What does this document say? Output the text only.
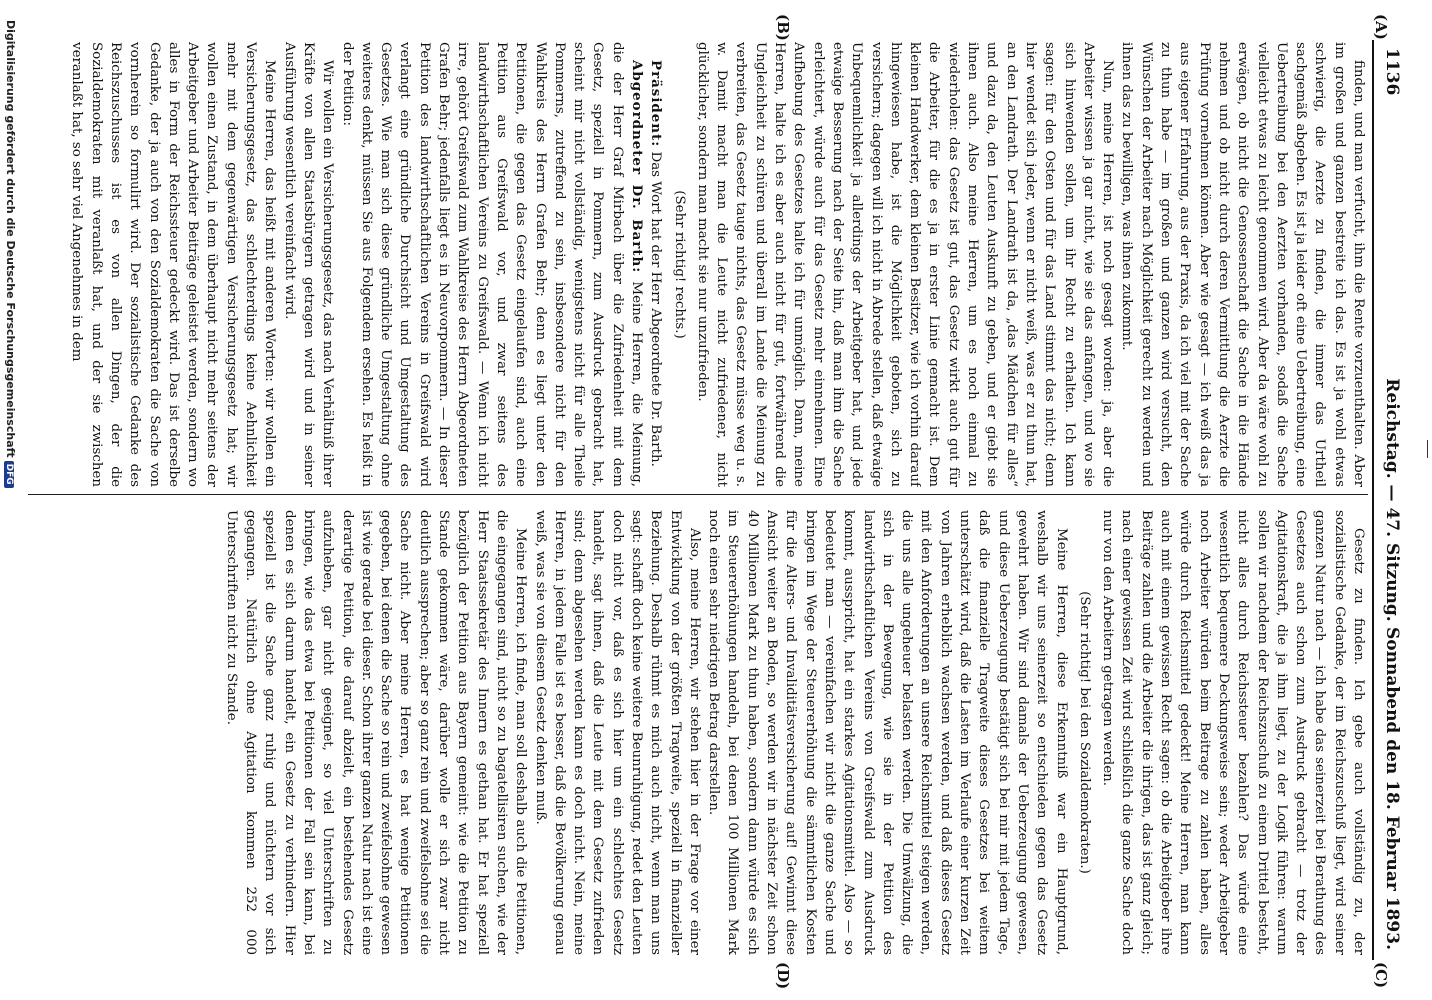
1136
Reichstag. — 47. Sitzung.
Sonnabend den 18. Februar 1893.
(A)
(B)
(C)
(D)

finden, und man verfucht, ihm die Rente vorzuenthalten. Aber im großen und ganzen bestreite ich das. Es ist ja wohl etwas schwierig, die Aerzte zu finden, die immer das Urtheil sachgemäß abgeben. Es ist ja leider oft eine Uebertreibung, eine Uebertreibung bei den Aerzten vorhanden, sodaß die Sache vielleicht etwas zu leicht genommen wird. Aber da wäre wohl zu erwägen, ob nicht die Genossenschaft die Sache in die Hände nehmen und ob nicht durch deren Vermittlung die Aerzte die Prüfung vornehmen können. Aber wie gesagt — ich weiß das ja aus eigener Erfahrung, aus der Praxis, da ich viel mit der Sache zu thun habe — im großen und ganzen wird versucht, den Wünschen der Arbeiter nach Möglichkeit gerecht zu werden und ihnen das zu bewilligen, was ihnen zukommt.

Nun, meine Herren, ist noch gesagt worden: ja, aber die Arbeiter wissen ja gar nicht, wie sie das anfangen, und wo sie sich hinwenden sollen, um ihr Recht zu erhalten. Ich kann sagen: für den Osten und für das Land stimmt das nicht; denn hier wendet sich jeder, wenn er nicht weiß, was er zu thun hat, an den Landrath. Der Landrath ist da, „das Mädchen für alles“ und dazu da, den Leuten Auskunft zu geben, und er giebt sie ihnen auch. Also meine Herren, um es noch einmal zu wiederholen: das Gesetz ist gut, das Gesetz wirkt auch gut für die Arbeiter, für die es ja in erster Linie gemacht ist. Dem kleinen Handwerker, dem kleinen Besitzer, wie ich vorhin darauf hingewiesen habe, ist die Möglichkeit geboten, sich zu versichern; dagegen will ich nicht in Abrede stellen, daß etwaige Unbequemlichkeit ja allerdings der Arbeitgeber hat, und jede etwaige Besserung nach der Seite hin, daß man ihm die Sache erleichtert, würde auch für das Gesetz mehr einnehmen. Eine Aufhebung des Gesetzes halte ich für unmöglich. Dann, meine Herren, halte ich es aber auch nicht für gut, fortwährend die Ungleichheit zu schüren und überall im Lande die Meinung zu verbreiten, das Gesetz tauge nichts, das Gesetz müsse weg u. s. w. Damit macht man die Leute nicht zufriedener, nicht glücklicher, sondern man macht sie nur unzufrieden.

(Sehr richtig! rechts.)

Präsident: Das Wort hat der Herr Abgeordnete Dr. Barth.

Abgeordneter Dr. Barth: Meine Herren, die Meinung, die der Herr Graf Mirbach über die Zufriedenheit mit dem Gesetz, speziell in Pommern, zum Ausdruck gebracht hat, scheint mir nicht vollständig, wenigstens nicht für alle Theile Pommerns, zutreffend zu sein, insbesondere nicht für den Wahlkreis des Herrn Grafen Behr; denn es liegt unter den Petitionen, die gegen das Gesetz eingelaufen sind, auch eine Petition aus Greifswald vor, und zwar seitens des landwirthschaftlichen Vereins zu Greifswald. — Wenn ich nicht irre, gehört Greifswald zum Wahlkreise des Herrn Abgeordneten Grafen Behr; jedenfalls liegt es in Neuvorpommern. — In dieser Petition des landwirthschaftlichen Vereins in Greifswald wird verlangt eine gründliche Durchsicht und Umgestaltung des Gesetzes. Wie man sich diese gründliche Umgestaltung ohne weiteres denkt, müssen Sie aus Folgendem ersehen. Es heißt in der Petition:

Wir wollen ein Versicherungsgesetz, das nach Verhältniß ihrer Kräfte von allen Staatsbürgern getragen wird und in seiner Ausführung wesentlich vereinfacht wird.

Meine Herren, das heißt mit anderen Worten: wir wollen ein Versicherungsgesetz, das schlechterdings keine Aehnlichkeit mehr mit dem gegenwärtigen Versicherungsgesetz hat; wir wollen einen Zustand, in dem überhaupt nicht mehr seitens der Arbeitgeber und Arbeiter Beiträge geleistet werden, sondern wo alles in Form der Reichssteuer gedeckt wird. Das ist derselbe Gedanke, der ja auch von den Sozialdemokraten die Sache von vornherein so formulirt wird. Der sozialistische Gedanke des Reichszuschusses ist es von allen Dingen, der die Sozialdemokraten mit veranlaßt hat, und der sie zwischen veranlaßt hat, so sehr viel Angenehmes in dem

Gesetz zu finden. Ich gebe auch vollständig zu, der sozialistische Gedanke, der im Reichszuschuß liegt, wird seiner ganzen Natur nach — ich habe das seinerzeit bei Berathung des Gesetzes auch schon zum Ausdruck gebracht — trotz der Agitationskraft, die ja ihm liegt, zu der Logik führen: warum sollen wir nachdem der Reichszuschuß zu einem Drittel besteht, nicht alles durch Reichssteuer bezahlen? Das würde eine wesentlich bequemere Deckungsweise sein; weder Arbeitgeber noch Arbeiter würden beim Beitrage zu zahlen haben, alles würde durch Reichsmittel gedeckt! Meine Herren, man kann auch mit einem gewissen Recht sagen: ob die Arbeitgeber ihre Beiträge zahlen und die Arbeiter die ihrigen, das ist ganz gleich; nach einer gewissen Zeit wird schließlich die ganze Sache doch nur von den Arbeitern getragen werden.

(Sehr richtig! bei den Sozialdemokraten.)

Meine Herren, diese Erkenntniß war ein Hauptgrund, weshalb wir uns seinerzeit so entschieden gegen das Gesetz gewehrt haben. Wir sind damals der Ueberzeugung gewesen, und diese Ueberzeugung bestätigt sich bei mir mit jedem Tage, daß die finanzielle Tragweite dieses Gesetzes bei weitem unterschätzt wird, daß die Lasten im Verlaufe einer kurzen Zeit von Jahren erheblich wachsen werden, und daß dieses Gesetz mit den Anforderungen an unsere Reichsmittel steigen werden, die uns alle ungeheuer belasten werden. Die Umwälzung, die sich in der Bewegung, wie sie in der Petition des landwirthschaftlichen Vereins von Greifswald zum Ausdruck kommt, ausspricht, hat ein starkes Agitationsmittel. Also — so bedeutet man — vereinfachen wir nicht die ganze Sache und bringen im Wege der Steuererhöhung die sämmtlichen Kosten für die Alters- und Invaliditätsversicherung auf! Gewinnt diese Ansicht weiter an Boden, so werden wir in nächster Zeit schon 40 Millionen Mark zu thun haben, sondern dann würde es sich im Steuererhöhungen handeln, bei denen 100 Millionen Mark noch einen sehr niedrigen Betrag darstellen.

Also, meine Herren, wir stehen hier in der Frage vor einer Entwicklung von der größten Tragweite, speziell in finanzieller Beziehung. Deshalb rühmt es mich auch nicht, wenn man uns sagt: schafft doch keine weitere Beunruhigung, redet den Leuten doch nicht vor, daß es sich hier um ein schlechtes Gesetz handelt, sagt ihnen, daß die Leute mit dem Gesetz zufrieden sind; denn abgesehen werden kann es doch nicht. Nein, meine Herren, in jedem Falle ist es besser, daß die Bevölkerung genau weiß, was sie von diesem Gesetz denken muß.

Meine Herren, ich finde, man soll deshalb auch die Petitionen, die eingegangen sind, nicht so zu bagatellisiren suchen, wie der Herr Staatssekretär des Innern es gethan hat. Er hat speziell bezüglich der Petition aus Bayern gemeint: wie die Petition zu Stande gekommen wäre, darüber wolle er sich zwar nicht deutlich aussprechen; aber so ganz rein und zweifelsohne sei die Sache nicht. Aber meine Herren, es hat wenige Petitionen gegeben, bei denen die Sache so rein und zweifelsohne gewesen ist wie gerade bei dieser. Schon ihrer ganzen Natur nach ist eine derartige Petition, die darauf abzielt, ein bestehendes Gesetz aufzuheben, gar nicht geeignet, so viel Unterschriften zu bringen, wie das etwa bei Petitionen der Fall sein kann, bei denen es sich darum handelt, ein Gesetz zu verhindern. Hier speziell ist die Sache ganz ruhig und nüchtern vor sich gegangen. Natürlich ohne Agitation kommen 252 000 Unterschriften nicht zu Stande.

Digitalisierung gefördert durch die Deutsche ForschungsgemeinschaftDFG
